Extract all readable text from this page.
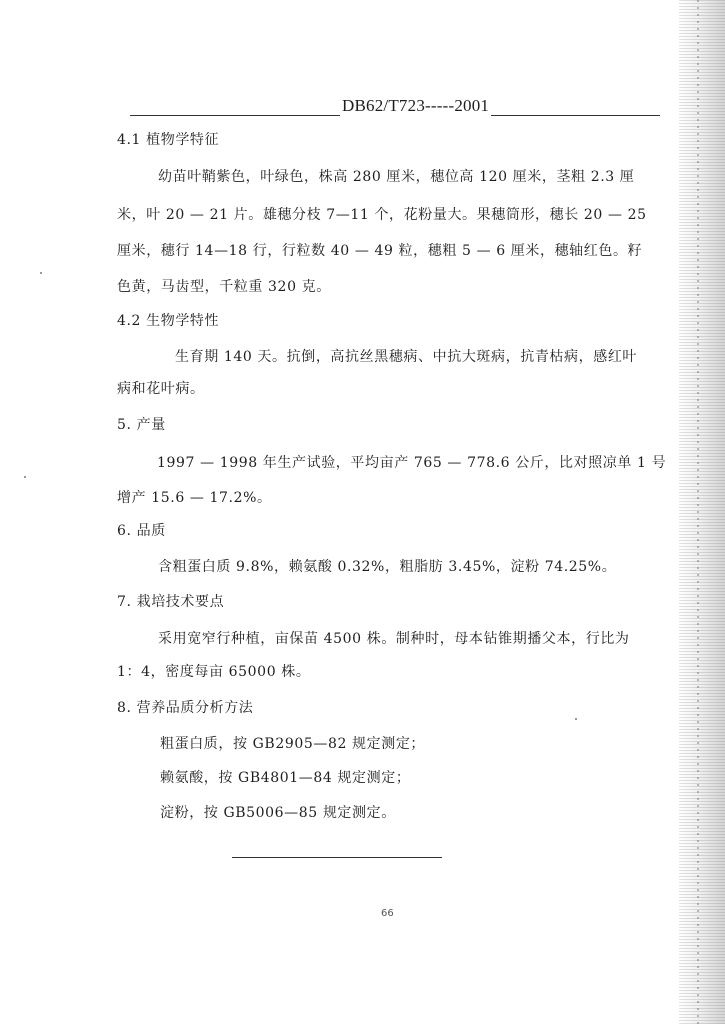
DB62/T723-----2001
4.1 植物学特征
幼苗叶鞘紫色，叶绿色，株高 280 厘米，穗位高 120 厘米，茎粗 2.3 厘
米，叶 20 — 21 片。雄穗分枝 7—11 个，花粉量大。果穗筒形，穗长 20 — 25
厘米，穗行 14—18 行，行粒数 40 — 49 粒，穗粗 5 — 6 厘米，穗轴红色。籽
色黄，马齿型，千粒重 320 克。
4.2 生物学特性
生育期 140 天。抗倒，高抗丝黑穗病、中抗大斑病，抗青枯病，感红叶
病和花叶病。
5. 产量
1997 — 1998 年生产试验，平均亩产 765 — 778.6 公斤，比对照凉单 1 号
增产 15.6 — 17.2%。
6. 品质
含粗蛋白质 9.8%，赖氨酸 0.32%，粗脂肪 3.45%，淀粉 74.25%。
7. 栽培技术要点
采用宽窄行种植，亩保苗 4500 株。制种时，母本钻锥期播父本，行比为
1：4，密度每亩 65000 株。
8. 营养品质分析方法
粗蛋白质，按 GB2905—82 规定测定；
赖氨酸，按 GB4801—84 规定测定；
淀粉，按 GB5006—85 规定测定。
66
